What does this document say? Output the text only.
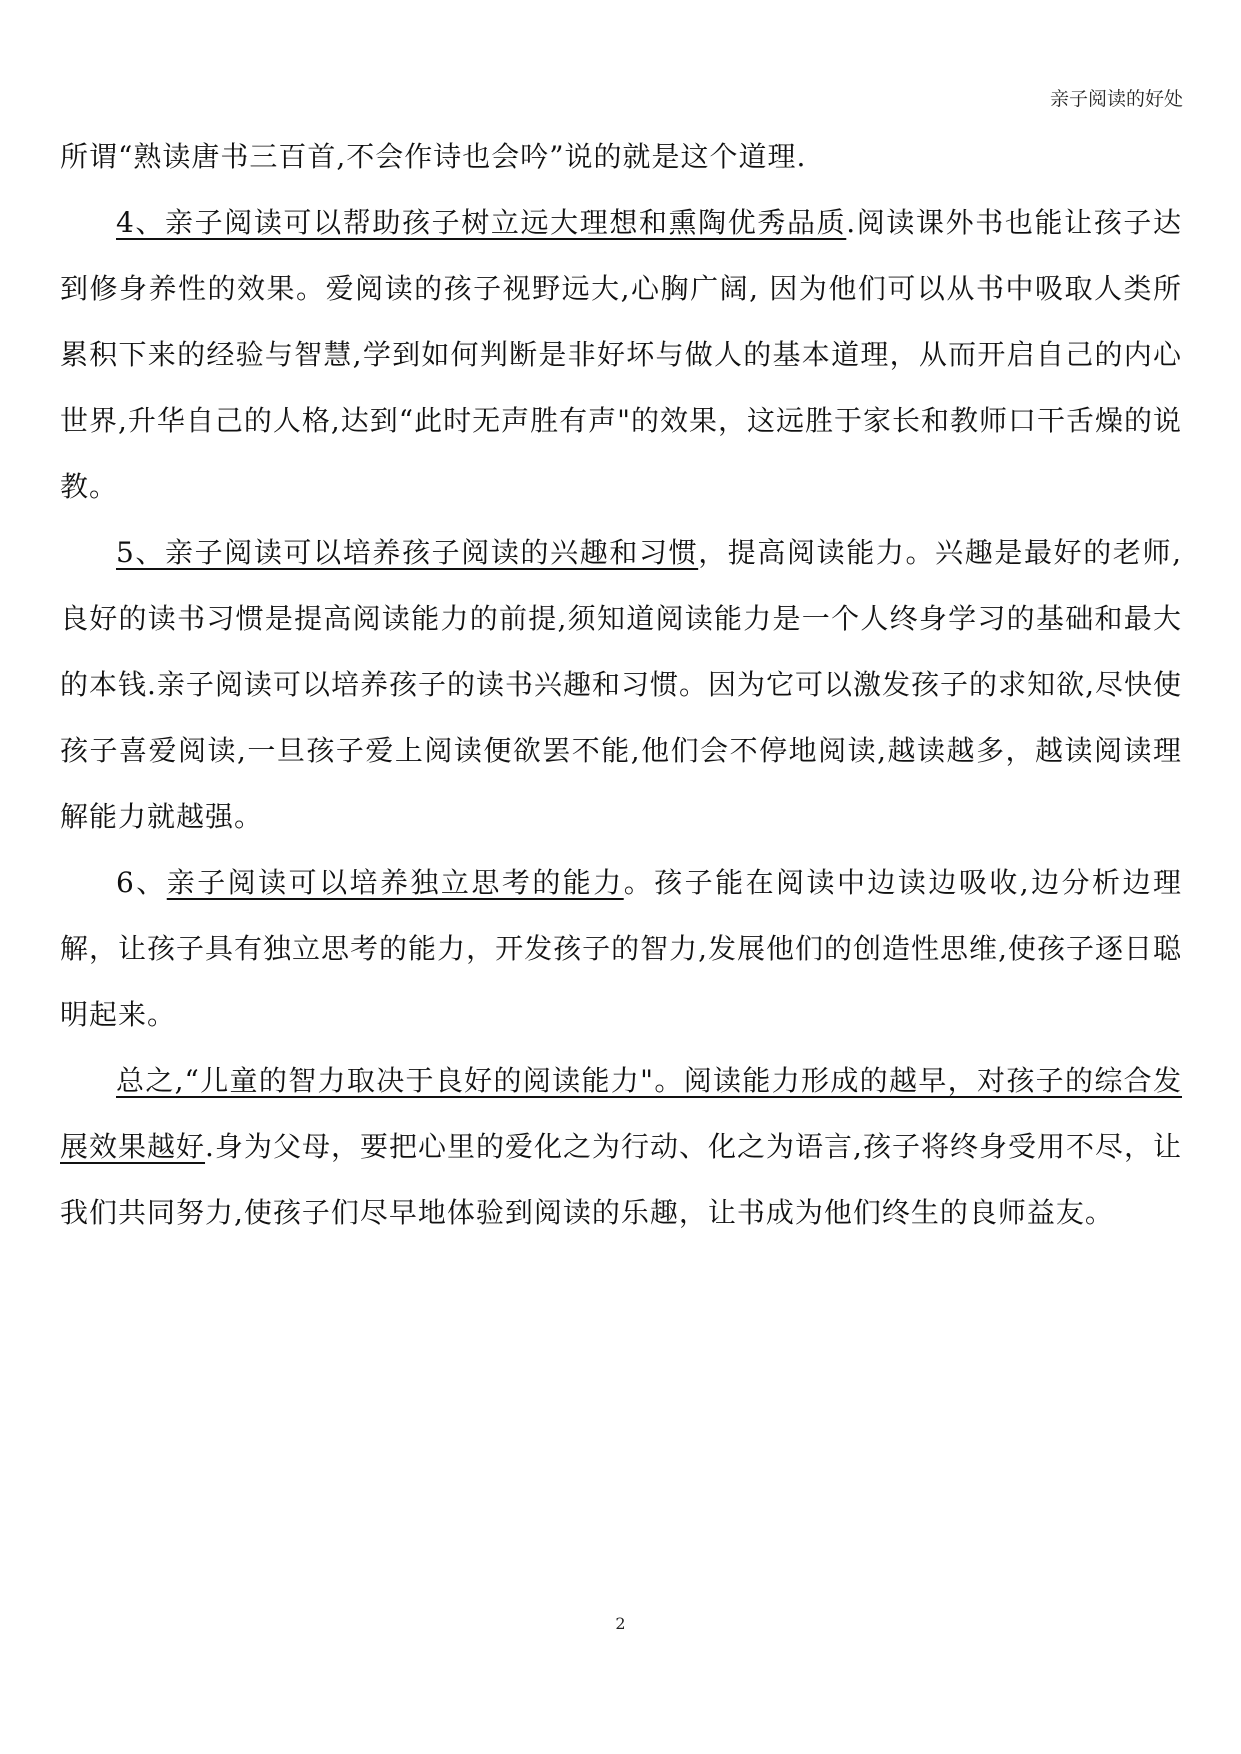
亲子阅读的好处

所谓“熟读唐书三百首,不会作诗也会吟”说的就是这个道理.

4、亲子阅读可以帮助孩子树立远大理想和熏陶优秀品质.阅读课外书也能让孩子达到修身养性的效果。爱阅读的孩子视野远大,心胸广阔, 因为他们可以从书中吸取人类所累积下来的经验与智慧,学到如何判断是非好坏与做人的基本道理，从而开启自己的内心世界,升华自己的人格,达到“此时无声胜有声"的效果，这远胜于家长和教师口干舌燥的说教。

5、亲子阅读可以培养孩子阅读的兴趣和习惯，提高阅读能力。兴趣是最好的老师,良好的读书习惯是提高阅读能力的前提,须知道阅读能力是一个人终身学习的基础和最大的本钱.亲子阅读可以培养孩子的读书兴趣和习惯。因为它可以激发孩子的求知欲,尽快使孩子喜爱阅读,一旦孩子爱上阅读便欲罢不能,他们会不停地阅读,越读越多，越读阅读理解能力就越强。

6、亲子阅读可以培养独立思考的能力。孩子能在阅读中边读边吸收,边分析边理解，让孩子具有独立思考的能力，开发孩子的智力,发展他们的创造性思维,使孩子逐日聪明起来。

总之,“儿童的智力取决于良好的阅读能力"。阅读能力形成的越早，对孩子的综合发展效果越好.身为父母，要把心里的爱化之为行动、化之为语言,孩子将终身受用不尽，让我们共同努力,使孩子们尽早地体验到阅读的乐趣，让书成为他们终生的良师益友。

2
